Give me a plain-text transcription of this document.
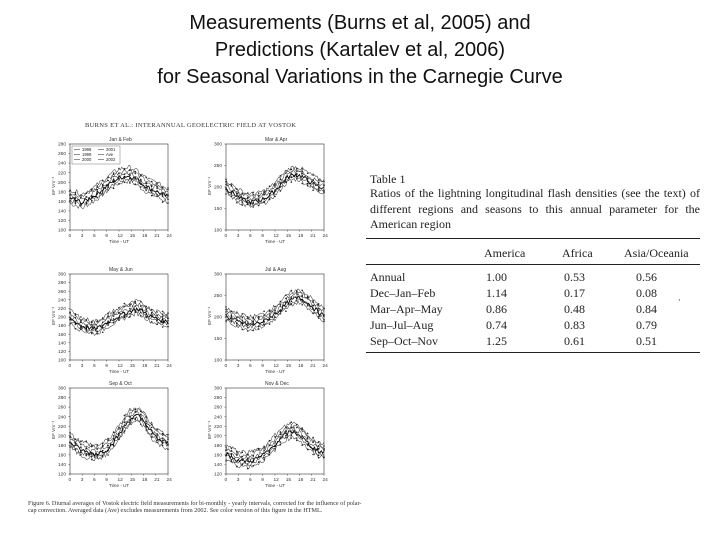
Measurements (Burns et al, 2005) and
Predictions (Kartalev et al, 2006)
for Seasonal Variations in the Carnegie Curve
BURNS ET AL.: INTERANNUAL GEOELECTRIC FIELD AT VOSTOK
Jan & Feb
280
260
240
220
200
180
160
140
120
100
0 3 6 9 12 15 18 21 24
Time - UT
EF Vm⁻¹
1998
1999
2000
2001
Ave
2002
Mar & Apr
300
250
200
150
100
0 3 6 9 12 15 18 21 24
Time - UT
EF Vm⁻¹
May & Jun
300
280
260
240
220
200
180
160
140
120
100
0 3 6 9 12 15 18 21 24
Time - UT
EF Vm⁻¹
Jul & Aug
300
250
200
150
100
0 3 6 9 12 15 18 21 24
Time - UT
EF Vm⁻¹
Sep & Oct
300
280
260
240
220
200
180
160
140
120
0 3 6 9 12 15 18 21 24
Time - UT
EF Vm⁻¹
Nov & Dec
300
280
260
240
220
200
180
160
140
120
0 3 6 9 12 15 18 21 24
Time - UT
EF Vm⁻¹
Figure 6. Diurnal averages of Vostok electric field measurements for bi-monthly - yearly intervals, corrected for the influence of polar-cap convection. Averaged data (Ave) excludes measurements from 2002. See color version of this figure in the HTML.
Table 1
Ratios of the lightning longitudinal flash densities (see the text) of different regions and seasons to this annual parameter for the American region
America	Africa	Asia/Oceania
Annual	1.00	0.53	0.56
Dec–Jan–Feb	1.14	0.17	0.08
Mar–Apr–May	0.86	0.48	0.84
Jun–Jul–Aug	0.74	0.83	0.79
Sep–Oct–Nov	1.25	0.61	0.51
,
